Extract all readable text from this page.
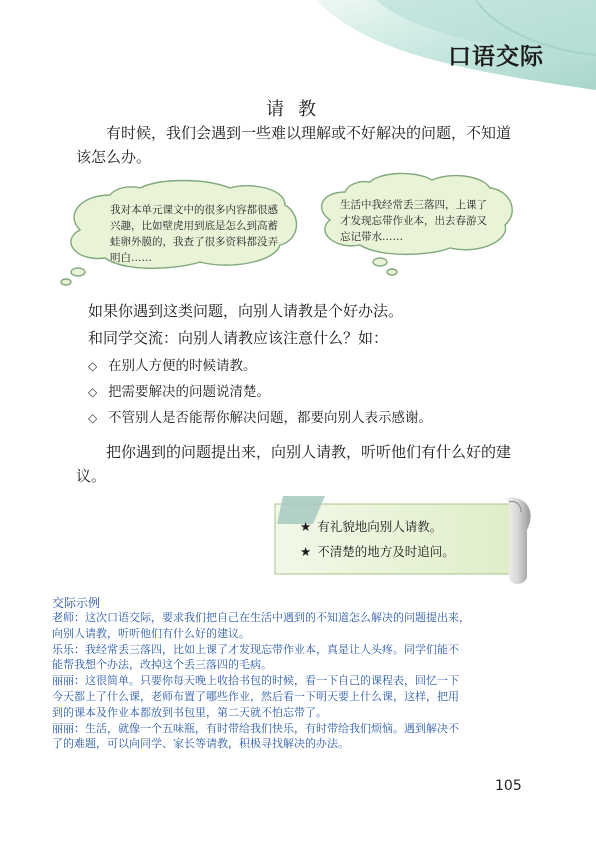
口语交际
请教
有时候，我们会遇到一些难以理解或不好解决的问题，不知道该怎么办。
我对本单元课文中的很多内容都很感兴趣，比如壁虎用到底是怎么到高蓄蛙卵外膜的，我查了很多资料都没弄明白……
生活中我经常丢三落四，上课了才发现忘带作业本，出去春游又忘记带水……
如果你遇到这类问题，向别人请教是个好办法。
和同学交流：向别人请教应该注意什么？如：
◇ 在别人方便的时候请教。
◇ 把需要解决的问题说清楚。
◇ 不管别人是否能帮你解决问题，都要向别人表示感谢。
把你遇到的问题提出来，向别人请教，听听他们有什么好的建议。
★ 有礼貌地向别人请教。
★ 不清楚的地方及时追问。
交际示例
老师：这次口语交际，要求我们把自己在生活中遇到的不知道怎么解决的问题提出来，
向别人请教，听听他们有什么好的建议。
乐乐：我经常丢三落四，比如上课了才发现忘带作业本，真是让人头疼。同学们能不
能帮我想个办法，改掉这个丢三落四的毛病。
丽丽：这很简单。只要你每天晚上收拾书包的时候，看一下自己的课程表，回忆一下
今天都上了什么课，老师布置了哪些作业，然后看一下明天要上什么课，这样，把用
到的课本及作业本都放到书包里，第二天就不怕忘带了。
丽丽：生活，就像一个五味瓶，有时带给我们快乐，有时带给我们烦恼。遇到解决不
了的难题，可以向同学、家长等请教，积极寻找解决的办法。
105
